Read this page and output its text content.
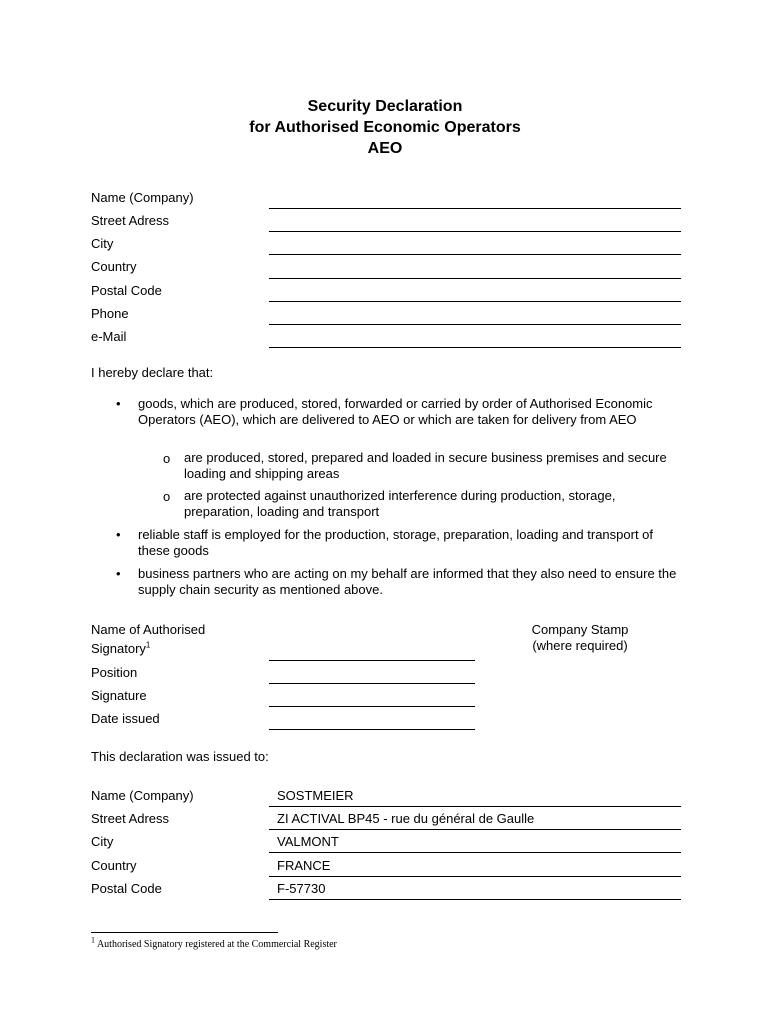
Security Declaration
for Authorised Economic Operators
AEO
Name (Company)
Street Adress
City
Country
Postal Code
Phone
e-Mail
I hereby declare that:
• goods, which are produced, stored, forwarded or carried by order of Authorised Economic Operators (AEO), which are delivered to AEO or which are taken for delivery from AEO
o are produced, stored, prepared and loaded in secure business premises and secure loading and shipping areas
o are protected against unauthorized interference during production, storage, preparation, loading and transport
• reliable staff is employed for the production, storage, preparation, loading and transport of these goods
• business partners who are acting on my behalf are informed that they also need to ensure the supply chain security as mentioned above.
Name of Authorised
Signatory$^1$
Position
Signature
Date issued
Company Stamp
(where required)
This declaration was issued to:
Name (Company)	SOSTMEIER
Street Adress	ZI ACTIVAL BP45 - rue du général de Gaulle
City	VALMONT
Country	FRANCE
Postal Code	F-57730
$^1$ Authorised Signatory registered at the Commercial Register
